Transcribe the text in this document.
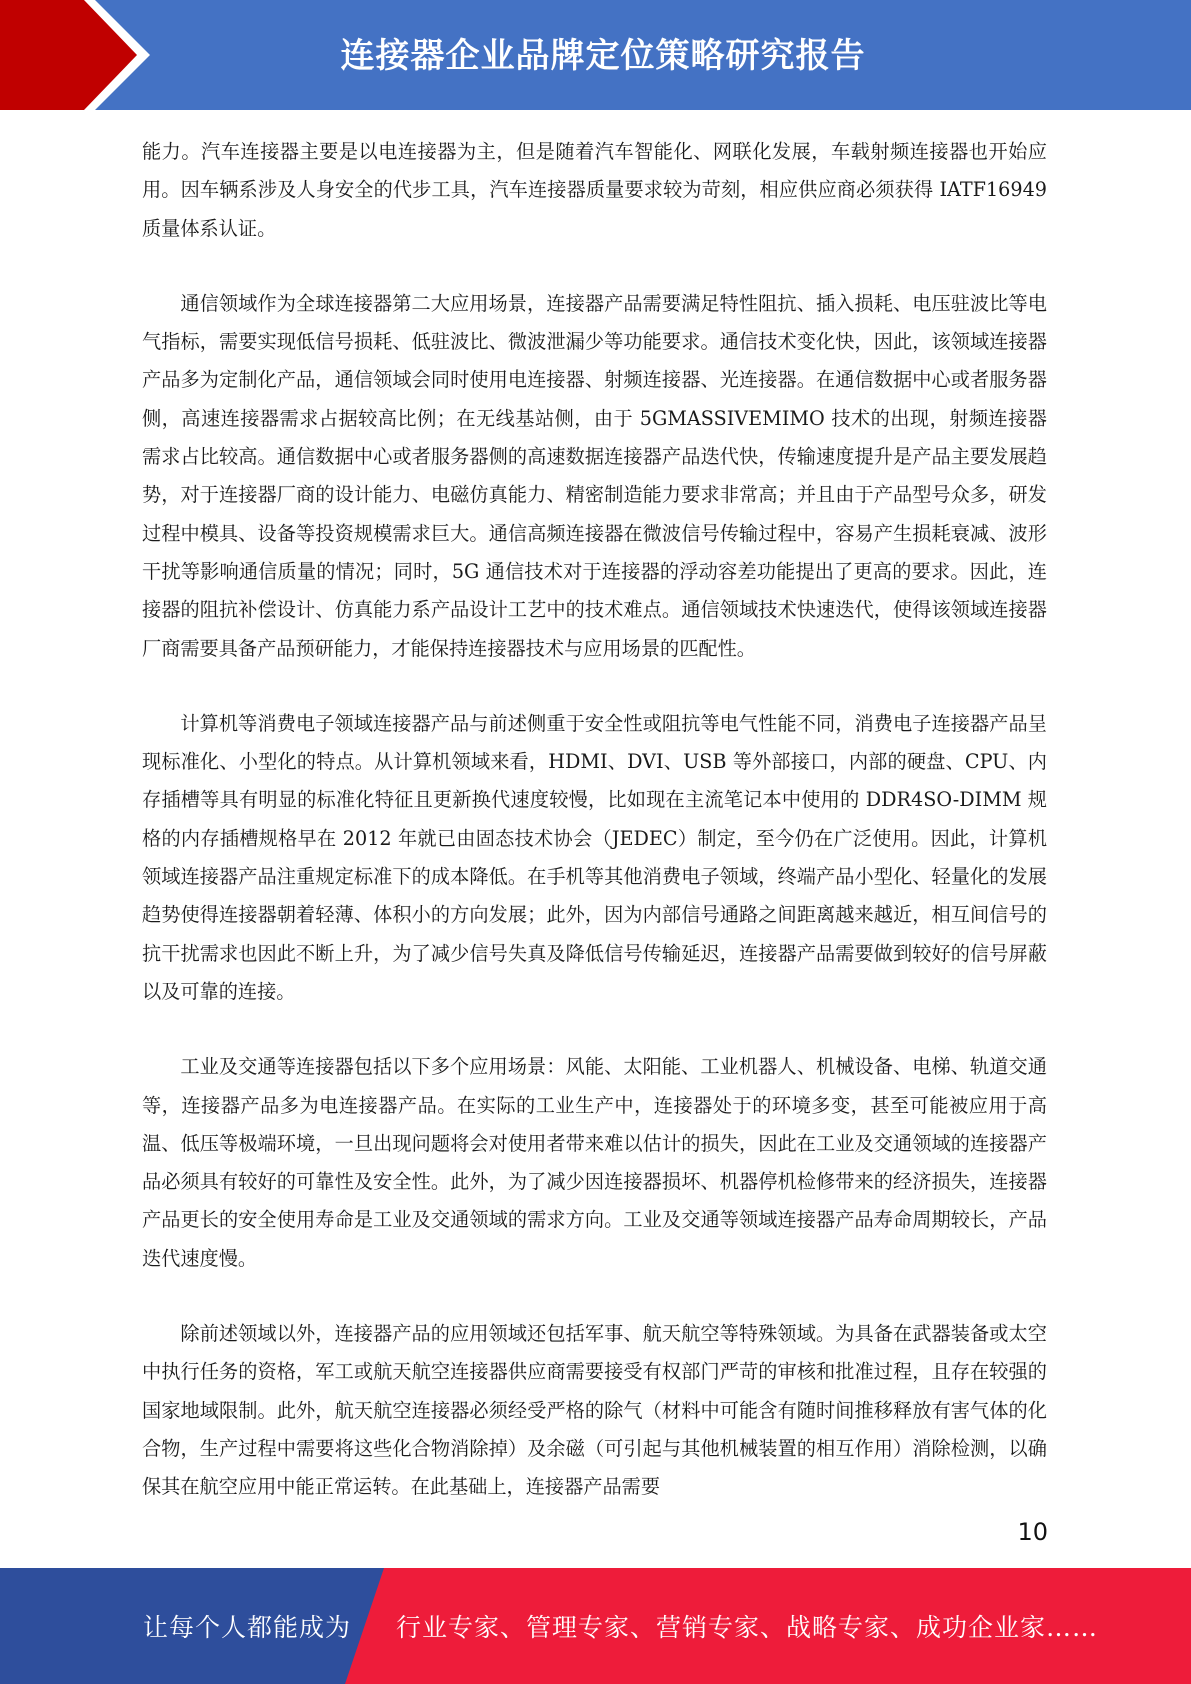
连接器企业品牌定位策略研究报告

能力。汽车连接器主要是以电连接器为主，但是随着汽车智能化、网联化发展，车载射频连接器也开始应用。因车辆系涉及人身安全的代步工具，汽车连接器质量要求较为苛刻，相应供应商必须获得 IATF16949 质量体系认证。

通信领域作为全球连接器第二大应用场景，连接器产品需要满足特性阻抗、插入损耗、电压驻波比等电气指标，需要实现低信号损耗、低驻波比、微波泄漏少等功能要求。通信技术变化快，因此，该领域连接器产品多为定制化产品，通信领域会同时使用电连接器、射频连接器、光连接器。在通信数据中心或者服务器侧，高速连接器需求占据较高比例；在无线基站侧，由于 5GMASSIVEMIMO 技术的出现，射频连接器需求占比较高。通信数据中心或者服务器侧的高速数据连接器产品迭代快，传输速度提升是产品主要发展趋势，对于连接器厂商的设计能力、电磁仿真能力、精密制造能力要求非常高；并且由于产品型号众多，研发过程中模具、设备等投资规模需求巨大。通信高频连接器在微波信号传输过程中，容易产生损耗衰减、波形干扰等影响通信质量的情况；同时，5G 通信技术对于连接器的浮动容差功能提出了更高的要求。因此，连接器的阻抗补偿设计、仿真能力系产品设计工艺中的技术难点。通信领域技术快速迭代，使得该领域连接器厂商需要具备产品预研能力，才能保持连接器技术与应用场景的匹配性。

计算机等消费电子领域连接器产品与前述侧重于安全性或阻抗等电气性能不同，消费电子连接器产品呈现标准化、小型化的特点。从计算机领域来看，HDMI、DVI、USB 等外部接口，内部的硬盘、CPU、内存插槽等具有明显的标准化特征且更新换代速度较慢，比如现在主流笔记本中使用的 DDR4SO-DIMM 规格的内存插槽规格早在 2012 年就已由固态技术协会（JEDEC）制定，至今仍在广泛使用。因此，计算机领域连接器产品注重规定标准下的成本降低。在手机等其他消费电子领域，终端产品小型化、轻量化的发展趋势使得连接器朝着轻薄、体积小的方向发展；此外，因为内部信号通路之间距离越来越近，相互间信号的抗干扰需求也因此不断上升，为了减少信号失真及降低信号传输延迟，连接器产品需要做到较好的信号屏蔽以及可靠的连接。

工业及交通等连接器包括以下多个应用场景：风能、太阳能、工业机器人、机械设备、电梯、轨道交通等，连接器产品多为电连接器产品。在实际的工业生产中，连接器处于的环境多变，甚至可能被应用于高温、低压等极端环境，一旦出现问题将会对使用者带来难以估计的损失，因此在工业及交通领域的连接器产品必须具有较好的可靠性及安全性。此外，为了减少因连接器损坏、机器停机检修带来的经济损失，连接器产品更长的安全使用寿命是工业及交通领域的需求方向。工业及交通等领域连接器产品寿命周期较长，产品迭代速度慢。

除前述领域以外，连接器产品的应用领域还包括军事、航天航空等特殊领域。为具备在武器装备或太空中执行任务的资格，军工或航天航空连接器供应商需要接受有权部门严苛的审核和批准过程，且存在较强的国家地域限制。此外，航天航空连接器必须经受严格的除气（材料中可能含有随时间推移释放有害气体的化合物，生产过程中需要将这些化合物消除掉）及余磁（可引起与其他机械装置的相互作用）消除检测，以确保其在航空应用中能正常运转。在此基础上，连接器产品需要

10
让每个人都能成为 行业专家、管理专家、营销专家、战略专家、成功企业家……
